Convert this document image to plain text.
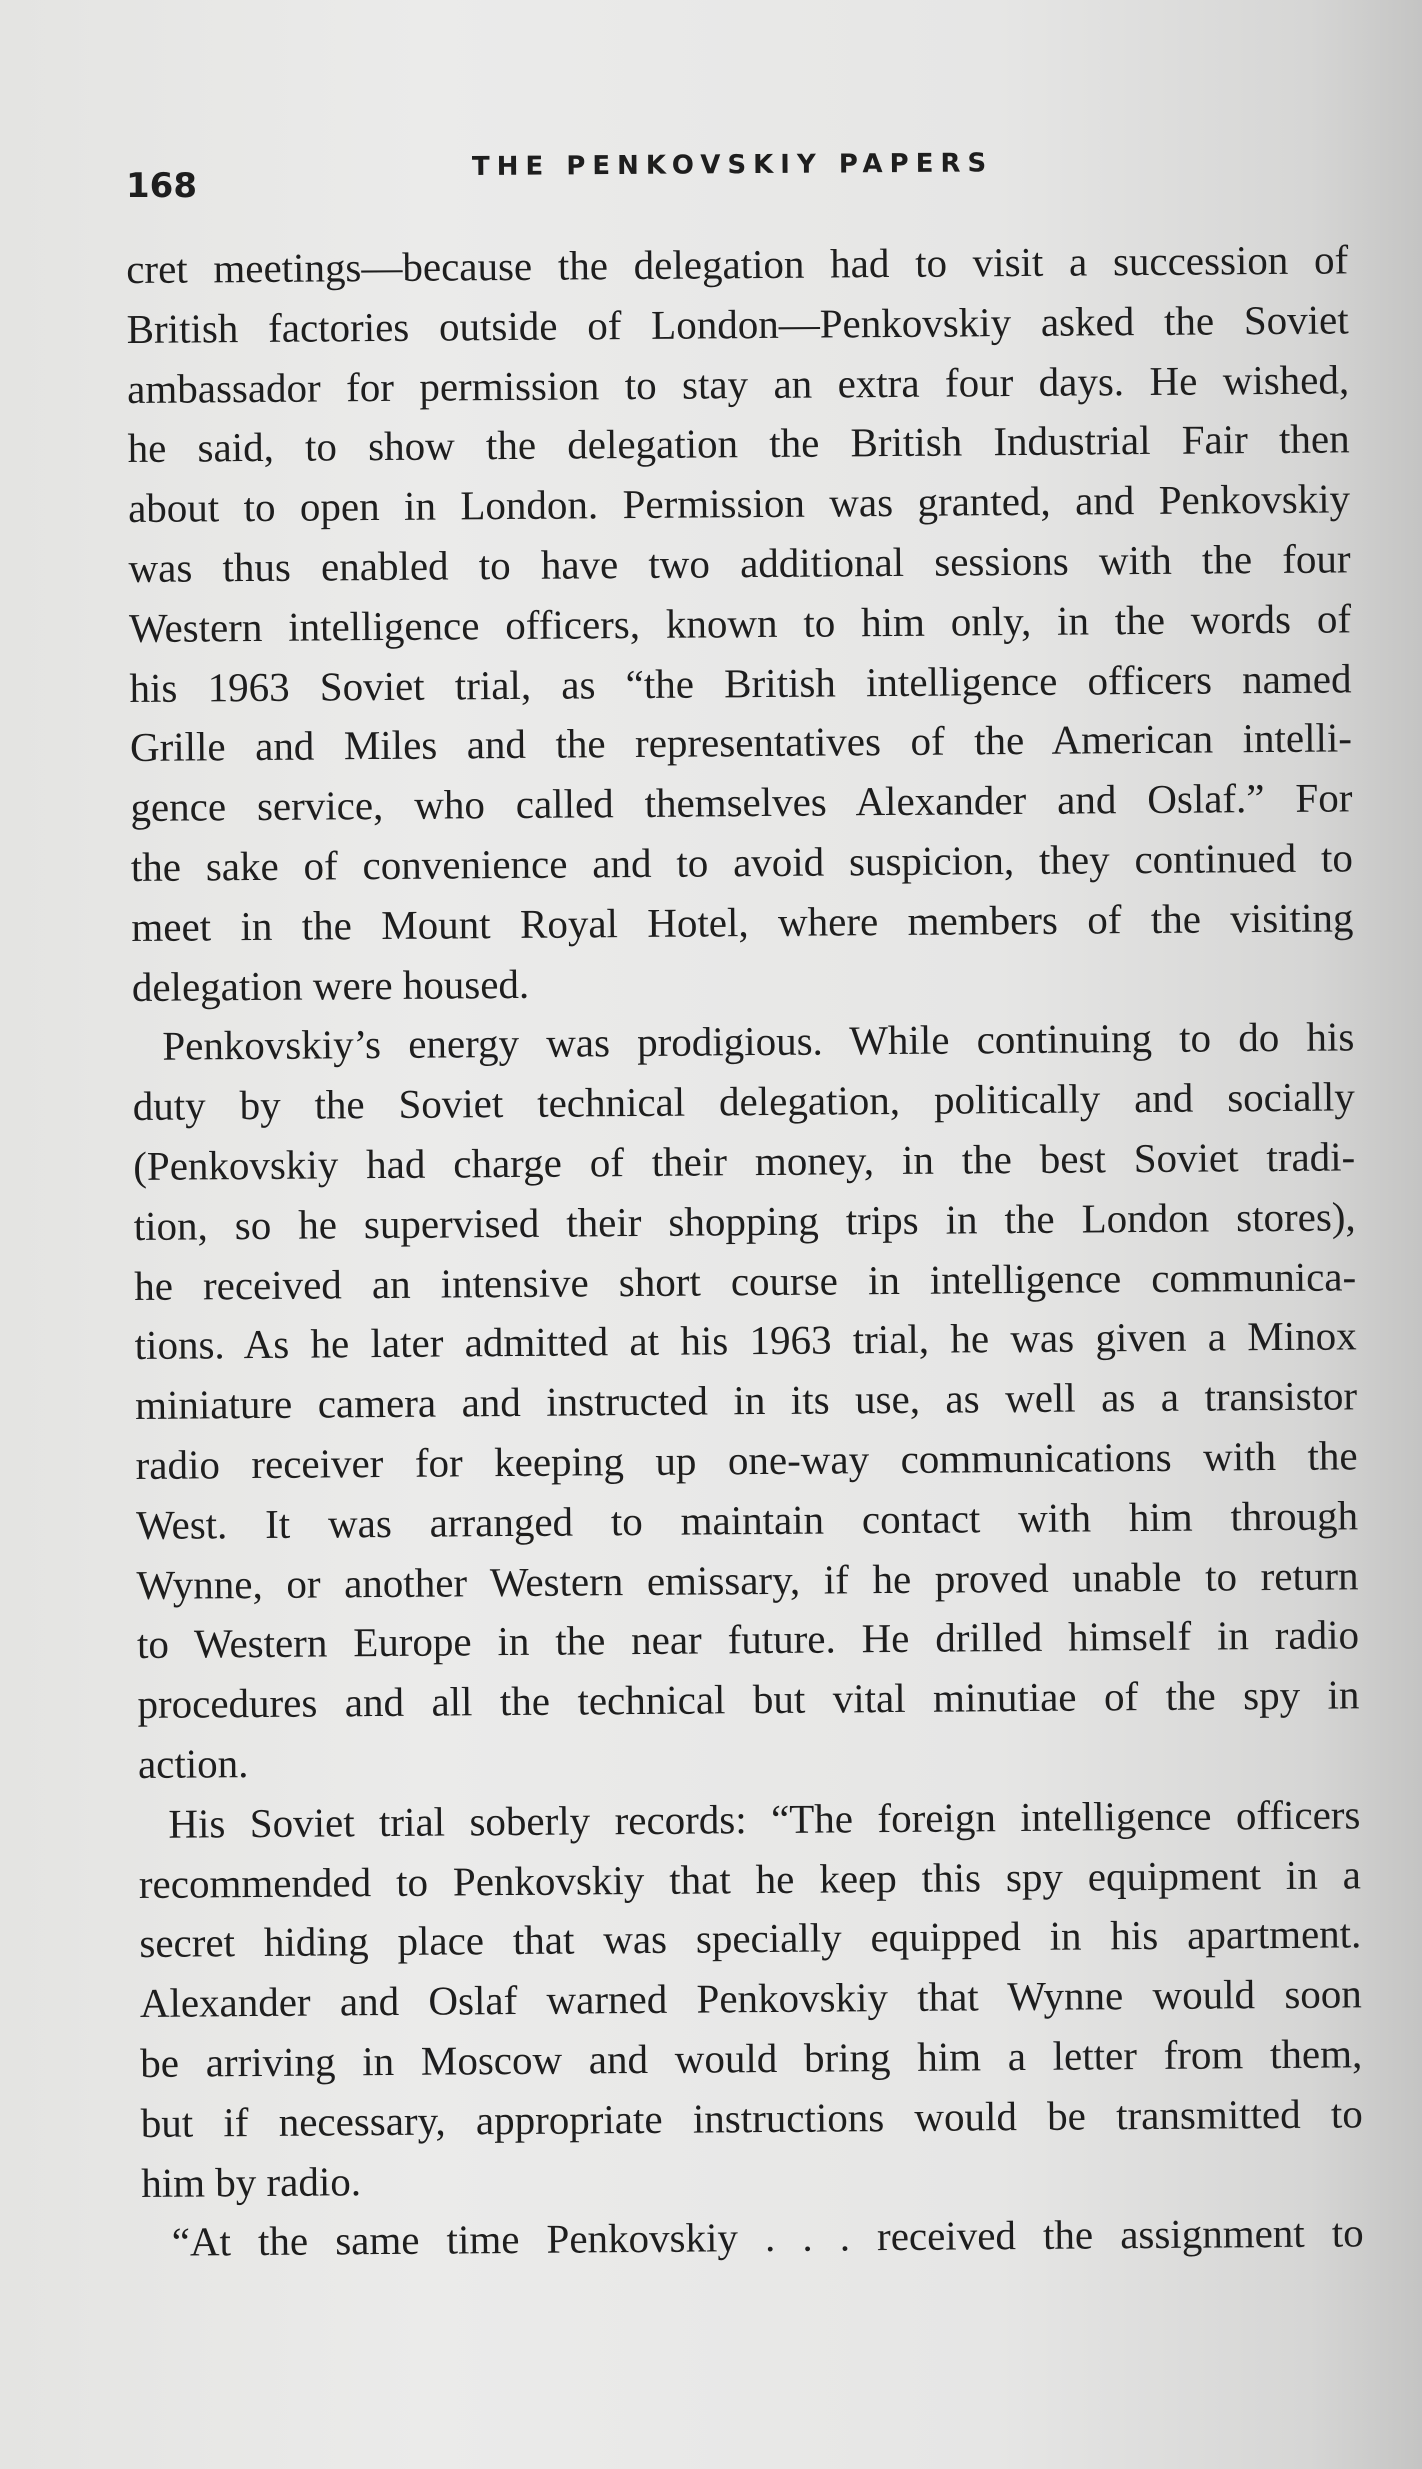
168
THE PENKOVSKIY PAPERS
cret meetings—because the delegation had to visit a succession of
British factories outside of London—Penkovskiy asked the Soviet
ambassador for permission to stay an extra four days. He wished,
he said, to show the delegation the British Industrial Fair then
about to open in London. Permission was granted, and Penkovskiy
was thus enabled to have two additional sessions with the four
Western intelligence officers, known to him only, in the words of
his 1963 Soviet trial, as “the British intelligence officers named
Grille and Miles and the representatives of the American intelli-
gence service, who called themselves Alexander and Oslaf.” For
the sake of convenience and to avoid suspicion, they continued to
meet in the Mount Royal Hotel, where members of the visiting
delegation were housed.
Penkovskiy’s energy was prodigious. While continuing to do his
duty by the Soviet technical delegation, politically and socially
(Penkovskiy had charge of their money, in the best Soviet tradi-
tion, so he supervised their shopping trips in the London stores),
he received an intensive short course in intelligence communica-
tions. As he later admitted at his 1963 trial, he was given a Minox
miniature camera and instructed in its use, as well as a transistor
radio receiver for keeping up one-way communications with the
West. It was arranged to maintain contact with him through
Wynne, or another Western emissary, if he proved unable to return
to Western Europe in the near future. He drilled himself in radio
procedures and all the technical but vital minutiae of the spy in
action.
His Soviet trial soberly records: “The foreign intelligence officers
recommended to Penkovskiy that he keep this spy equipment in a
secret hiding place that was specially equipped in his apartment.
Alexander and Oslaf warned Penkovskiy that Wynne would soon
be arriving in Moscow and would bring him a letter from them,
but if necessary, appropriate instructions would be transmitted to
him by radio.
“At the same time Penkovskiy . . . received the assignment to
